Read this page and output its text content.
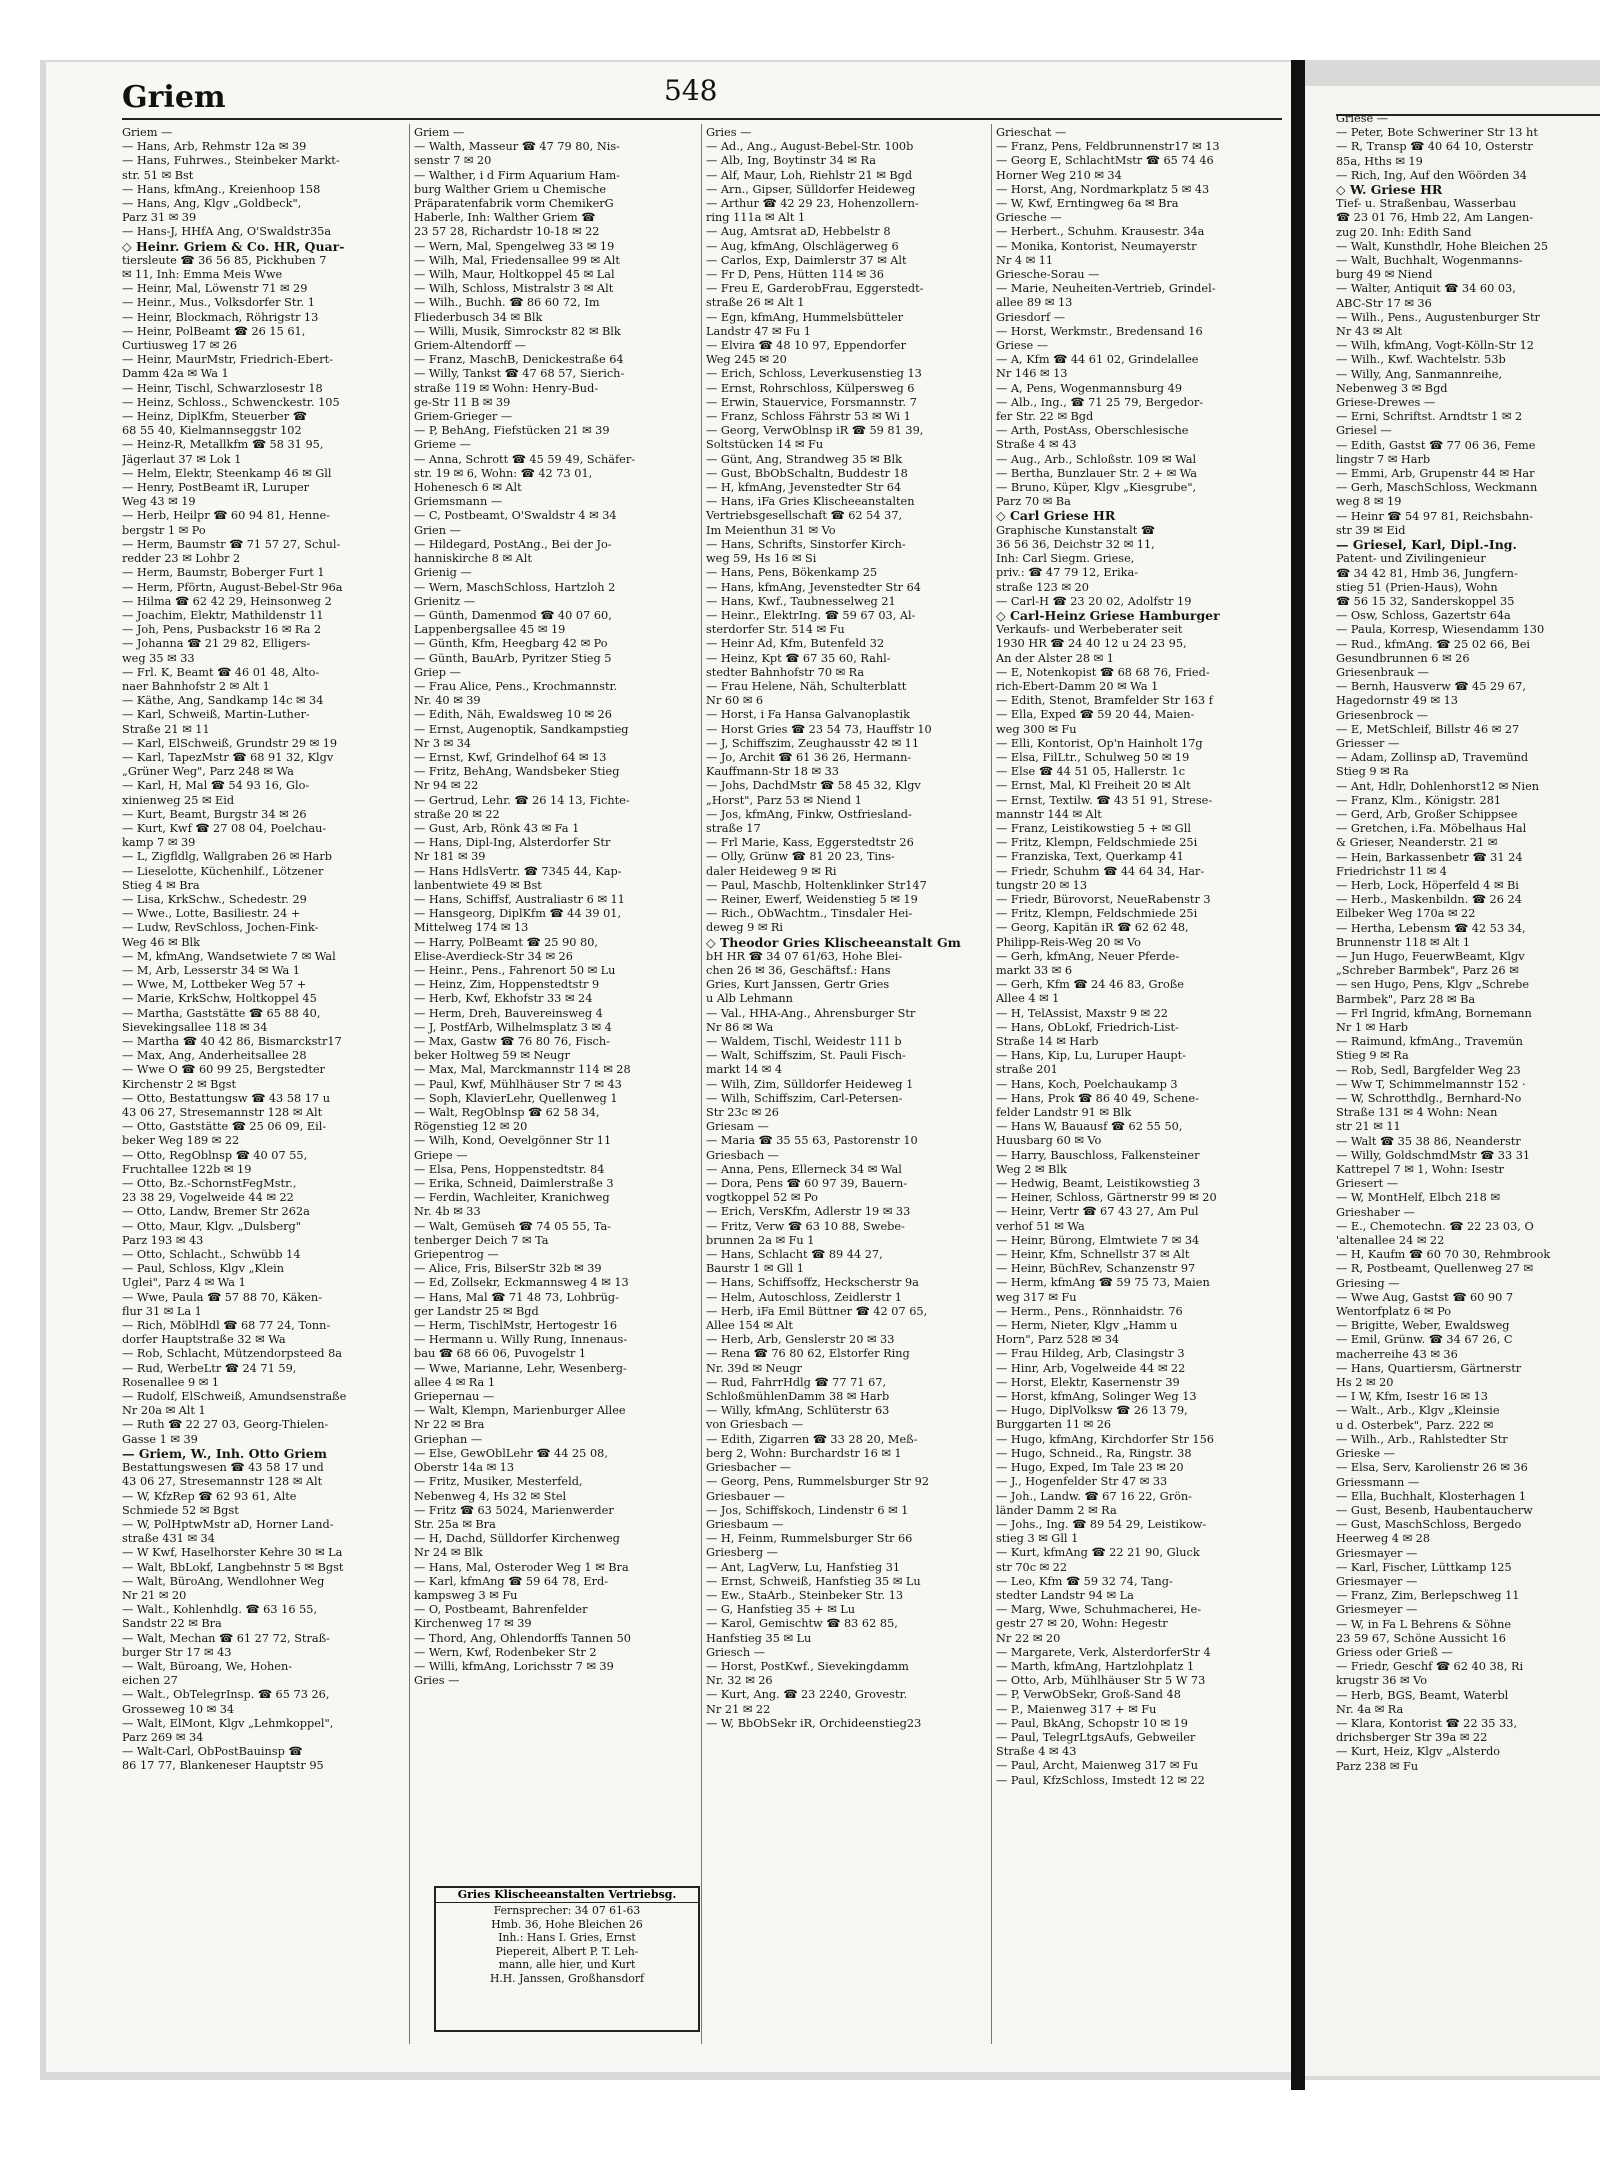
Griem	548
Griem —
— Hans, Arb, Rehmstr 12a ✉ 39
— Hans, Fuhrwes., Steinbeker Markt-
str. 51 ✉ Bst
— Hans, kfmAng., Kreienhoop 158
— Hans, Ang, Klgv „Goldbeck",
Parz 31 ✉ 39
— Hans-J, HHfA Ang, O'Swaldstr35a
◇ Heinr. Griem & Co. HR, Quar-
tiersleute ☎ 36 56 85, Pickhuben 7
✉ 11, Inh: Emma Meis Wwe
— Heinr, Mal, Löwenstr 71 ✉ 29
— Heinr., Mus., Volksdorfer Str. 1
— Heinr, Blockmach, Röhrigstr 13
— Heinr, PolBeamt ☎ 26 15 61,
Curtiusweg 17 ✉ 26
— Heinr, MaurMstr, Friedrich-Ebert-
Damm 42a ✉ Wa 1
— Heinr, Tischl, Schwarzlosestr 18
— Heinz, Schloss., Schwenckestr. 105
— Heinz, DiplKfm, Steuerber ☎
68 55 40, Kielmannseggstr 102
— Heinz-R, Metallkfm ☎ 58 31 95,
Jägerlaut 37 ✉ Lok 1
— Helm, Elektr, Steenkamp 46 ✉ Gll
— Henry, PostBeamt iR, Luruper
Weg 43 ✉ 19
— Herb, Heilpr ☎ 60 94 81, Henne-
bergstr 1 ✉ Po
— Herm, Baumstr ☎ 71 57 27, Schul-
redder 23 ✉ Lohbr 2
— Herm, Baumstr, Boberger Furt 1
— Herm, Pförtn, August-Bebel-Str 96a
— Hilma ☎ 62 42 29, Heinsonweg 2
— Joachim, Elektr, Mathildenstr 11
— Joh, Pens, Pusbackstr 16 ✉ Ra 2
— Johanna ☎ 21 29 82, Elligers-
weg 35 ✉ 33
— Frl. K, Beamt ☎ 46 01 48, Alto-
naer Bahnhofstr 2 ✉ Alt 1
— Käthe, Ang, Sandkamp 14c ✉ 34
— Karl, Schweiß, Martin-Luther-
Straße 21 ✉ 11
— Karl, ElSchweiß, Grundstr 29 ✉ 19
— Karl, TapezMstr ☎ 68 91 32, Klgv
„Grüner Weg", Parz 248 ✉ Wa
— Karl, H, Mal ☎ 54 93 16, Glo-
xinienweg 25 ✉ Eid
— Kurt, Beamt, Burgstr 34 ✉ 26
— Kurt, Kwf ☎ 27 08 04, Poelchau-
kamp 7 ✉ 39
— L, Zigfldlg, Wallgraben 26 ✉ Harb
— Lieselotte, Küchenhilf., Lötzener
Stieg 4 ✉ Bra
— Lisa, KrkSchw., Schedestr. 29
— Wwe., Lotte, Basiliestr. 24 +
— Ludw, RevSchloss, Jochen-Fink-
Weg 46 ✉ Blk
— M, kfmAng, Wandsetwiete 7 ✉ Wal
— M, Arb, Lesserstr 34 ✉ Wa 1
— Wwe, M, Lottbeker Weg 57 +
— Marie, KrkSchw, Holtkoppel 45
— Martha, Gaststätte ☎ 65 88 40,
Sievekingsallee 118 ✉ 34
— Martha ☎ 40 42 86, Bismarckstr17
— Max, Ang, Anderheitsallee 28
— Wwe O ☎ 60 99 25, Bergstedter
Kirchenstr 2 ✉ Bgst
— Otto, Bestattungsw ☎ 43 58 17 u
43 06 27, Stresemannstr 128 ✉ Alt
— Otto, Gaststätte ☎ 25 06 09, Eil-
beker Weg 189 ✉ 22
— Otto, RegOblnsp ☎ 40 07 55,
Fruchtallee 122b ✉ 19
— Otto, Bz.-SchornstFegMstr.,
23 38 29, Vogelweide 44 ✉ 22
— Otto, Landw, Bremer Str 262a
— Otto, Maur, Klgv. „Dulsberg"
Parz 193 ✉ 43
— Otto, Schlacht., Schwübb 14
— Paul, Schloss, Klgv „Klein
Uglei", Parz 4 ✉ Wa 1
— Wwe, Paula ☎ 57 88 70, Käken-
flur 31 ✉ La 1
— Rich, MöblHdl ☎ 68 77 24, Tonn-
dorfer Hauptstraße 32 ✉ Wa
— Rob, Schlacht, Mützendorpsteed 8a
— Rud, WerbeLtr ☎ 24 71 59,
Rosenallee 9 ✉ 1
— Rudolf, ElSchweiß, Amundsenstraße
Nr 20a ✉ Alt 1
— Ruth ☎ 22 27 03, Georg-Thielen-
Gasse 1 ✉ 39
— Griem, W., Inh. Otto Griem
Bestattungswesen ☎ 43 58 17 und
43 06 27, Stresemannstr 128 ✉ Alt
— W, KfzRep ☎ 62 93 61, Alte
Schmiede 52 ✉ Bgst
— W, PolHptwMstr aD, Horner Land-
straße 431 ✉ 34
— W Kwf, Haselhorster Kehre 30 ✉ La
— Walt, BbLokf, Langbehnstr 5 ✉ Bgst
— Walt, BüroAng, Wendlohner Weg
Nr 21 ✉ 20
— Walt., Kohlenhdlg. ☎ 63 16 55,
Sandstr 22 ✉ Bra
— Walt, Mechan ☎ 61 27 72, Straß-
burger Str 17 ✉ 43
— Walt, Büroang, We, Hohen-
eichen 27
— Walt., ObTelegrInsp. ☎ 65 73 26,
Grosseweg 10 ✉ 34
— Walt, ElMont, Klgv „Lehmkoppel",
Parz 269 ✉ 34
— Walt-Carl, ObPostBauinsp ☎
86 17 77, Blankeneser Hauptstr 95
Griem —
— Walth, Masseur ☎ 47 79 80, Nis-
senstr 7 ✉ 20
— Walther, i d Firm Aquarium Ham-
burg Walther Griem u Chemische
Präparatenfabrik vorm ChemikerG
Haberle, Inh: Walther Griem ☎
23 57 28, Richardstr 10-18 ✉ 22
— Wern, Mal, Spengelweg 33 ✉ 19
— Wilh, Mal, Friedensallee 99 ✉ Alt
— Wilh, Maur, Holtkoppel 45 ✉ Lal
— Wilh, Schloss, Mistralstr 3 ✉ Alt
— Wilh., Buchh. ☎ 86 60 72, Im
Fliederbusch 34 ✉ Blk
— Willi, Musik, Simrockstr 82 ✉ Blk
Griem-Altendorff —
— Franz, MaschB, Denickestraße 64
— Willy, Tankst ☎ 47 68 57, Sierich-
straße 119 ✉ Wohn: Henry-Bud-
ge-Str 11 B ✉ 39
Griem-Grieger —
— P, BehAng, Fiefstücken 21 ✉ 39
Grieme —
— Anna, Schrott ☎ 45 59 49, Schäfer-
str. 19 ✉ 6, Wohn: ☎ 42 73 01,
Hohenesch 6 ✉ Alt
Griemsmann —
— C, Postbeamt, O'Swaldstr 4 ✉ 34
Grien —
— Hildegard, PostAng., Bei der Jo-
hanniskirche 8 ✉ Alt
Grienig —
— Wern, MaschSchloss, Hartzloh 2
Grienitz —
— Günth, Damenmod ☎ 40 07 60,
Lappenbergsallee 45 ✉ 19
— Günth, Kfm, Heegbarg 42 ✉ Po
— Günth, BauArb, Pyritzer Stieg 5
Griep —
— Frau Alice, Pens., Krochmannstr.
Nr. 40 ✉ 39
— Edith, Näh, Ewaldsweg 10 ✉ 26
— Ernst, Augenoptik, Sandkampstieg
Nr 3 ✉ 34
— Ernst, Kwf, Grindelhof 64 ✉ 13
— Fritz, BehAng, Wandsbeker Stieg
Nr 94 ✉ 22
— Gertrud, Lehr. ☎ 26 14 13, Fichte-
straße 20 ✉ 22
— Gust, Arb, Rönk 43 ✉ Fa 1
— Hans, Dipl-Ing, Alsterdorfer Str
Nr 181 ✉ 39
— Hans HdlsVertr. ☎ 7345 44, Kap-
lanbentwiete 49 ✉ Bst
— Hans, Schiffsf, Australiastr 6 ✉ 11
— Hansgeorg, DiplKfm ☎ 44 39 01,
Mittelweg 174 ✉ 13
— Harry, PolBeamt ☎ 25 90 80,
Elise-Averdieck-Str 34 ✉ 26
— Heinr., Pens., Fahrenort 50 ✉ Lu
— Heinz, Zim, Hoppenstedtstr 9
— Herb, Kwf, Ekhofstr 33 ✉ 24
— Herm, Dreh, Bauvereinsweg 4
— J, PostfArb, Wilhelmsplatz 3 ✉ 4
— Max, Gastw ☎ 76 80 76, Fisch-
beker Holtweg 59 ✉ Neugr
— Max, Mal, Marckmannstr 114 ✉ 28
— Paul, Kwf, Mühlhäuser Str 7 ✉ 43
— Soph, KlavierLehr, Quellenweg 1
— Walt, RegOblnsp ☎ 62 58 34,
Rögenstieg 12 ✉ 20
— Wilh, Kond, Oevelgönner Str 11
Griepe —
— Elsa, Pens, Hoppenstedtstr. 84
— Erika, Schneid, Daimlerstraße 3
— Ferdin, Wachleiter, Kranichweg
Nr. 4b ✉ 33
— Walt, Gemüseh ☎ 74 05 55, Ta-
tenberger Deich 7 ✉ Ta
Griepentrog —
— Alice, Fris, BilserStr 32b ✉ 39
— Ed, Zollsekr, Eckmannsweg 4 ✉ 13
— Hans, Mal ☎ 71 48 73, Lohbrüg-
ger Landstr 25 ✉ Bgd
— Herm, TischlMstr, Hertogestr 16
— Hermann u. Willy Rung, Innenaus-
bau ☎ 68 66 06, Puvogelstr 1
— Wwe, Marianne, Lehr, Wesenberg-
allee 4 ✉ Ra 1
Griepernau —
— Walt, Klempn, Marienburger Allee
Nr 22 ✉ Bra
Griephan —
— Else, GewOblLehr ☎ 44 25 08,
Oberstr 14a ✉ 13
— Fritz, Musiker, Mesterfeld,
Nebenweg 4, Hs 32 ✉ Stel
— Fritz ☎ 63 5024, Marienwerder
Str. 25a ✉ Bra
— H, Dachd, Sülldorfer Kirchenweg
Nr 24 ✉ Blk
— Hans, Mal, Osteroder Weg 1 ✉ Bra
— Karl, kfmAng ☎ 59 64 78, Erd-
kampsweg 3 ✉ Fu
— O, Postbeamt, Bahrenfelder
Kirchenweg 17 ✉ 39
— Thord, Ang, Ohlendorffs Tannen 50
— Wern, Kwf, Rodenbeker Str 2
— Willi, kfmAng, Lorichsstr 7 ✉ 39
Gries —
Gries —
— Ad., Ang., August-Bebel-Str. 100b
— Alb, Ing, Boytinstr 34 ✉ Ra
— Alf, Maur, Loh, Riehlstr 21 ✉ Bgd
— Arn., Gipser, Sülldorfer Heideweg
— Arthur ☎ 42 29 23, Hohenzollern-
ring 111a ✉ Alt 1
— Aug, Amtsrat aD, Hebbelstr 8
— Aug, kfmAng, Olschlägerweg 6
— Carlos, Exp, Daimlerstr 37 ✉ Alt
— Fr D, Pens, Hütten 114 ✉ 36
— Freu E, GarderobFrau, Eggerstedt-
straße 26 ✉ Alt 1
— Egn, kfmAng, Hummelsbütteler
Landstr 47 ✉ Fu 1
— Elvira ☎ 48 10 97, Eppendorfer
Weg 245 ✉ 20
— Erich, Schloss, Leverkusenstieg 13
— Ernst, Rohrschloss, Külpersweg 6
— Erwin, Stauervice, Forsmannstr. 7
— Franz, Schloss Fährstr 53 ✉ Wi 1
— Georg, VerwOblnsp iR ☎ 59 81 39,
Soltstücken 14 ✉ Fu
— Günt, Ang, Strandweg 35 ✉ Blk
— Gust, BbObSchaltn, Buddestr 18
— H, kfmAng, Jevenstedter Str 64
— Hans, iFa Gries Klischeeanstalten
Vertriebsgesellschaft ☎ 62 54 37,
Im Meienthun 31 ✉ Vo
— Hans, Schrifts, Sinstorfer Kirch-
weg 59, Hs 16 ✉ Si
— Hans, Pens, Bökenkamp 25
— Hans, kfmAng, Jevenstedter Str 64
— Hans, Kwf., Taubnesselweg 21
— Heinr., ElektrIng. ☎ 59 67 03, Al-
sterdorfer Str. 514 ✉ Fu
— Heinr Ad, Kfm, Butenfeld 32
— Heinz, Kpt ☎ 67 35 60, Rahl-
stedter Bahnhofstr 70 ✉ Ra
— Frau Helene, Näh, Schulterblatt
Nr 60 ✉ 6
— Horst, i Fa Hansa Galvanoplastik
— Horst Gries ☎ 23 54 73, Hauffstr 10
— J, Schiffszim, Zeughausstr 42 ✉ 11
— Jo, Archit ☎ 61 36 26, Hermann-
Kauffmann-Str 18 ✉ 33
— Johs, DachdMstr ☎ 58 45 32, Klgv
„Horst", Parz 53 ✉ Niend 1
— Jos, kfmAng, Finkw, Ostfriesland-
straße 17
— Frl Marie, Kass, Eggerstedtstr 26
— Olly, Grünw ☎ 81 20 23, Tins-
daler Heideweg 9 ✉ Ri
— Paul, Maschb, Holtenklinker Str147
— Reiner, Ewerf, Weidenstieg 5 ✉ 19
— Rich., ObWachtm., Tinsdaler Hei-
deweg 9 ✉ Ri
◇ Theodor Gries Klischeeanstalt Gm
bH HR ☎ 34 07 61/63, Hohe Blei-
chen 26 ✉ 36, Geschäftsf.: Hans
Gries, Kurt Janssen, Gertr Gries
u Alb Lehmann
— Val., HHA-Ang., Ahrensburger Str
Nr 86 ✉ Wa
— Waldem, Tischl, Weidestr 111 b
— Walt, Schiffszim, St. Pauli Fisch-
markt 14 ✉ 4
— Wilh, Zim, Sülldorfer Heideweg 1
— Wilh, Schiffszim, Carl-Petersen-
Str 23c ✉ 26
Griesam —
— Maria ☎ 35 55 63, Pastorenstr 10
Griesbach —
— Anna, Pens, Ellerneck 34 ✉ Wal
— Dora, Pens ☎ 60 97 39, Bauern-
vogtkoppel 52 ✉ Po
— Erich, VersKfm, Adlerstr 19 ✉ 33
— Fritz, Verw ☎ 63 10 88, Swebe-
brunnen 2a ✉ Fu 1
— Hans, Schlacht ☎ 89 44 27,
Baurstr 1 ✉ Gll 1
— Hans, Schiffsoffz, Heckscherstr 9a
— Helm, Autoschloss, Zeidlerstr 1
— Herb, iFa Emil Büttner ☎ 42 07 65,
Allee 154 ✉ Alt
— Herb, Arb, Genslerstr 20 ✉ 33
— Rena ☎ 76 80 62, Elstorfer Ring
Nr. 39d ✉ Neugr
— Rud, FahrrHdlg ☎ 77 71 67,
SchloßmühlenDamm 38 ✉ Harb
— Willy, kfmAng, Schlüterstr 63
von Griesbach —
— Edith, Zigarren ☎ 33 28 20, Meß-
berg 2, Wohn: Burchardstr 16 ✉ 1
Griesbacher —
— Georg, Pens, Rummelsburger Str 92
Griesbauer —
— Jos, Schiffskoch, Lindenstr 6 ✉ 1
Griesbaum —
— H, Feinm, Rummelsburger Str 66
Griesberg —
— Ant, LagVerw, Lu, Hanfstieg 31
— Ernst, Schweiß, Hanfstieg 35 ✉ Lu
— Ew., StaArb., Steinbeker Str. 13
— G, Hanfstieg 35 + ✉ Lu
— Karol, Gemischtw ☎ 83 62 85,
Hanfstieg 35 ✉ Lu
Griesch —
— Horst, PostKwf., Sievekingdamm
Nr. 32 ✉ 26
— Kurt, Ang. ☎ 23 2240, Grovestr.
Nr 21 ✉ 22
— W, BbObSekr iR, Orchideenstieg23
Grieschat —
— Franz, Pens, Feldbrunnenstr17 ✉ 13
— Georg E, SchlachtMstr ☎ 65 74 46
Horner Weg 210 ✉ 34
— Horst, Ang, Nordmarkplatz 5 ✉ 43
— W, Kwf, Erntingweg 6a ✉ Bra
Griesche —
— Herbert., Schuhm. Krausestr. 34a
— Monika, Kontorist, Neumayerstr
Nr 4 ✉ 11
Griesche-Sorau —
— Marie, Neuheiten-Vertrieb, Grindel-
allee 89 ✉ 13
Griesdorf —
— Horst, Werkmstr., Bredensand 16
Griese —
— A, Kfm ☎ 44 61 02, Grindelallee
Nr 146 ✉ 13
— A, Pens, Wogenmannsburg 49
— Alb., Ing., ☎ 71 25 79, Bergedor-
fer Str. 22 ✉ Bgd
— Arth, PostAss, Oberschlesische
Straße 4 ✉ 43
— Aug., Arb., Schloßstr. 109 ✉ Wal
— Bertha, Bunzlauer Str. 2 + ✉ Wa
— Bruno, Küper, Klgv „Kiesgrube",
Parz 70 ✉ Ba
◇ Carl Griese HR
Graphische Kunstanstalt ☎
36 56 36, Deichstr 32 ✉ 11,
Inh: Carl Siegm. Griese,
priv.: ☎ 47 79 12, Erika-
straße 123 ✉ 20
— Carl-H ☎ 23 20 02, Adolfstr 19
◇ Carl-Heinz Griese Hamburger
Verkaufs- und Werbeberater seit
1930 HR ☎ 24 40 12 u 24 23 95,
An der Alster 28 ✉ 1
— E, Notenkopist ☎ 68 68 76, Fried-
rich-Ebert-Damm 20 ✉ Wa 1
— Edith, Stenot, Bramfelder Str 163 f
— Ella, Exped ☎ 59 20 44, Maien-
weg 300 ✉ Fu
— Elli, Kontorist, Op'n Hainholt 17g
— Elsa, FilLtr., Schulweg 50 ✉ 19
— Else ☎ 44 51 05, Hallerstr. 1c
— Ernst, Mal, Kl Freiheit 20 ✉ Alt
— Ernst, Textilw. ☎ 43 51 91, Strese-
mannstr 144 ✉ Alt
— Franz, Leistikowstieg 5 + ✉ Gll
— Fritz, Klempn, Feldschmiede 25i
— Franziska, Text, Querkamp 41
— Friedr, Schuhm ☎ 44 64 34, Har-
tungstr 20 ✉ 13
— Friedr, Bürovorst, NeueRabenstr 3
— Fritz, Klempn, Feldschmiede 25i
— Georg, Kapitän iR ☎ 62 62 48,
Philipp-Reis-Weg 20 ✉ Vo
— Gerh, kfmAng, Neuer Pferde-
markt 33 ✉ 6
— Gerh, Kfm ☎ 24 46 83, Große
Allee 4 ✉ 1
— H, TelAssist, Maxstr 9 ✉ 22
— Hans, ObLokf, Friedrich-List-
Straße 14 ✉ Harb
— Hans, Kip, Lu, Luruper Haupt-
straße 201
— Hans, Koch, Poelchaukamp 3
— Hans, Prok ☎ 86 40 49, Schene-
felder Landstr 91 ✉ Blk
— Hans W, Bauausf ☎ 62 55 50,
Huusbarg 60 ✉ Vo
— Harry, Bauschloss, Falkensteiner
Weg 2 ✉ Blk
— Hedwig, Beamt, Leistikowstieg 3
— Heiner, Schloss, Gärtnerstr 99 ✉ 20
— Heinr, Vertr ☎ 67 43 27, Am Pul
verhof 51 ✉ Wa
— Heinr, Bürong, Elmtwiete 7 ✉ 34
— Heinr, Kfm, Schnellstr 37 ✉ Alt
— Heinr, BüchRev, Schanzenstr 97
— Herm, kfmAng ☎ 59 75 73, Maien
weg 317 ✉ Fu
— Herm., Pens., Rönnhaidstr. 76
— Herm, Nieter, Klgv „Hamm u
Horn", Parz 528 ✉ 34
— Frau Hildeg, Arb, Clasingstr 3
— Hinr, Arb, Vogelweide 44 ✉ 22
— Horst, Elektr, Kasernenstr 39
— Horst, kfmAng, Solinger Weg 13
— Hugo, DiplVolksw ☎ 26 13 79,
Burggarten 11 ✉ 26
— Hugo, kfmAng, Kirchdorfer Str 156
— Hugo, Schneid., Ra, Ringstr. 38
— Hugo, Exped, Im Tale 23 ✉ 20
— J., Hogenfelder Str 47 ✉ 33
— Joh., Landw. ☎ 67 16 22, Grön-
länder Damm 2 ✉ Ra
— Johs., Ing. ☎ 89 54 29, Leistikow-
stieg 3 ✉ Gll 1
— Kurt, kfmAng ☎ 22 21 90, Gluck
str 70c ✉ 22
— Leo, Kfm ☎ 59 32 74, Tang-
stedter Landstr 94 ✉ La
— Marg, Wwe, Schuhmacherei, He-
gestr 27 ✉ 20, Wohn: Hegestr
Nr 22 ✉ 20
— Margarete, Verk, AlsterdorferStr 4
— Marth, kfmAng, Hartzlohplatz 1
— Otto, Arb, Mühlhäuser Str 5 W 73
— P, VerwObSekr, Groß-Sand 48
— P., Maienweg 317 + ✉ Fu
— Paul, BkAng, Schopstr 10 ✉ 19
— Paul, TelegrLtgsAufs, Gebweiler
Straße 4 ✉ 43
— Paul, Archt, Maienweg 317 ✉ Fu
— Paul, KfzSchloss, Imstedt 12 ✉ 22
Griese —
— Peter, Bote Schweriner Str 13 ht
— R, Transp ☎ 40 64 10, Osterstr
85a, Hths ✉ 19
— Rich, Ing, Auf den Wöörden 34
◇ W. Griese HR
Tief- u. Straßenbau, Wasserbau
☎ 23 01 76, Hmb 22, Am Langen-
zug 20. Inh: Edith Sand
— Walt, Kunsthdlr, Hohe Bleichen 25
— Walt, Buchhalt, Wogenmanns-
burg 49 ✉ Niend
— Walter, Antiquit ☎ 34 60 03,
ABC-Str 17 ✉ 36
— Wilh., Pens., Augustenburger Str
Nr 43 ✉ Alt
— Wilh, kfmAng, Vogt-Kölln-Str 12
— Wilh., Kwf. Wachtelstr. 53b
— Willy, Ang, Sanmannreihe,
Nebenweg 3 ✉ Bgd
Griese-Drewes —
— Erni, Schriftst. Arndtstr 1 ✉ 2
Griesel —
— Edith, Gastst ☎ 77 06 36, Feme
lingstr 7 ✉ Harb
— Emmi, Arb, Grupenstr 44 ✉ Har
— Gerh, MaschSchloss, Weckmann
weg 8 ✉ 19
— Heinr ☎ 54 97 81, Reichsbahn-
str 39 ✉ Eid
— Griesel, Karl, Dipl.-Ing.
Patent- und Zivilingenieur
☎ 34 42 81, Hmb 36, Jungfern-
stieg 51 (Prien-Haus), Wohn
☎ 56 15 32, Sanderskoppel 35
— Osw, Schloss, Gazertstr 64a
— Paula, Korresp, Wiesendamm 130
— Rud., kfmAng. ☎ 25 02 66, Bei
Gesundbrunnen 6 ✉ 26
Griesenbrauk —
— Bernh, Hausverw ☎ 45 29 67,
Hagedornstr 49 ✉ 13
Griesenbrock —
— E, MetSchleif, Billstr 46 ✉ 27
Griesser —
— Adam, Zollinsp aD, Travemünd
Stieg 9 ✉ Ra
— Ant, Hdlr, Dohlenhorst12 ✉ Nien
— Franz, Klm., Königstr. 281
— Gerd, Arb, Großer Schippsee
— Gretchen, i.Fa. Möbelhaus Hal
& Grieser, Neanderstr. 21 ✉
— Hein, Barkassenbetr ☎ 31 24
Friedrichstr 11 ✉ 4
— Herb, Lock, Höperfeld 4 ✉ Bi
— Herb., Maskenbildn. ☎ 26 24
Eilbeker Weg 170a ✉ 22
— Hertha, Lebensm ☎ 42 53 34,
Brunnenstr 118 ✉ Alt 1
— Jun Hugo, FeuerwBeamt, Klgv
„Schreber Barmbek", Parz 26 ✉
— sen Hugo, Pens, Klgv „Schrebe
Barmbek", Parz 28 ✉ Ba
— Frl Ingrid, kfmAng, Bornemann
Nr 1 ✉ Harb
— Raimund, kfmAng., Travemün
Stieg 9 ✉ Ra
— Rob, Sedl, Bargfelder Weg 23
— Ww T, Schimmelmannstr 152 ·
— W, Schrotthdlg., Bernhard-No
Straße 131 ✉ 4 Wohn: Nean
str 21 ✉ 11
— Walt ☎ 35 38 86, Neanderstr
— Willy, GoldschmdMstr ☎ 33 31
Kattrepel 7 ✉ 1, Wohn: Isestr
Griesert —
— W, MontHelf, Elbch 218 ✉
Grieshaber —
— E., Chemotechn. ☎ 22 23 03, O
'altenallee 24 ✉ 22
— H, Kaufm ☎ 60 70 30, Rehmbrook
— R, Postbeamt, Quellenweg 27 ✉
Griesing —
— Wwe Aug, Gastst ☎ 60 90 7
Wentorfplatz 6 ✉ Po
— Brigitte, Weber, Ewaldsweg
— Emil, Grünw. ☎ 34 67 26, C
macherreihe 43 ✉ 36
— Hans, Quartiersm, Gärtnerstr
Hs 2 ✉ 20
— I W, Kfm, Isestr 16 ✉ 13
— Walt., Arb., Klgv „Kleinsie
u d. Osterbek", Parz. 222 ✉
— Wilh., Arb., Rahlstedter Str
Grieske —
— Elsa, Serv, Karolienstr 26 ✉ 36
Griessmann —
— Ella, Buchhalt, Klosterhagen 1
— Gust, Besenb, Haubentaucherw
— Gust, MaschSchloss, Bergedo
Heerweg 4 ✉ 28
Griesmayer —
— Karl, Fischer, Lüttkamp 125
Griesmayer —
— Franz, Zim, Berlepschweg 11
Griesmeyer —
— W, in Fa L Behrens & Söhne
23 59 67, Schöne Aussicht 16
Griess oder Grieß —
— Friedr, Geschf ☎ 62 40 38, Ri
krugstr 36 ✉ Vo
— Herb, BGS, Beamt, Waterbl
Nr. 4a ✉ Ra
— Klara, Kontorist ☎ 22 35 33,
drichsberger Str 39a ✉ 22
— Kurt, Heiz, Klgv „Alsterdo
Parz 238 ✉ Fu
Gries Klischeeanstalten Vertriebsg.
Fernsprecher: 34 07 61-63
Hmb. 36, Hohe Bleichen 26
Inh.: Hans I. Gries, Ernst
Piepereit, Albert P. T. Leh-
mann, alle hier, und Kurt
H.H. Janssen, Großhansdorf
